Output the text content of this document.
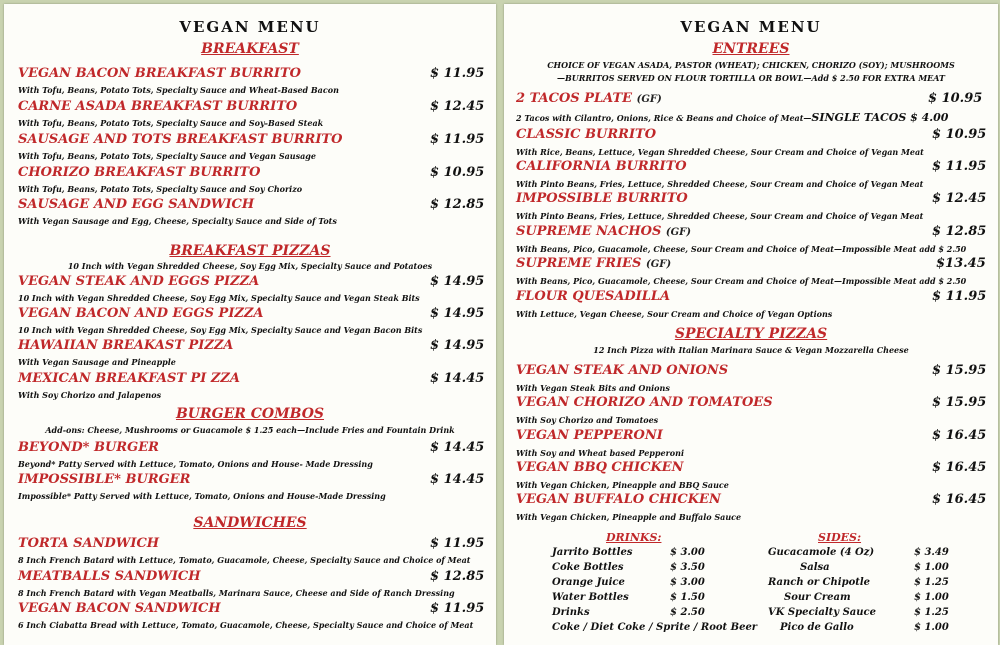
VEGAN MENU
BREAKFAST
VEGAN BACON BREAKFAST BURRITO	$ 11.95
With Tofu, Beans, Potato Tots, Specialty Sauce and Wheat-Based Bacon
CARNE ASADA BREAKFAST BURRITO	$ 12.45
With Tofu, Beans, Potato Tots, Specialty Sauce and Soy-Based Steak
SAUSAGE AND TOTS BREAKFAST BURRITO	$ 11.95
With Tofu, Beans, Potato Tots, Specialty Sauce and Vegan Sausage
CHORIZO BREAKFAST BURRITO	$ 10.95
With Tofu, Beans, Potato Tots, Specialty Sauce and Soy Chorizo
SAUSAGE AND EGG SANDWICH	$ 12.85
With Vegan Sausage and Egg, Cheese, Specialty Sauce and Side of Tots
BREAKFAST PIZZAS
10 Inch with Vegan Shredded Cheese, Soy Egg Mix, Specialty Sauce and Potatoes
VEGAN STEAK AND EGGS PIZZA	$ 14.95
10 Inch with Vegan Shredded Cheese, Soy Egg Mix, Specialty Sauce and Vegan Steak Bits
VEGAN BACON AND EGGS PIZZA	$ 14.95
10 Inch with Vegan Shredded Cheese, Soy Egg Mix, Specialty Sauce and Vegan Bacon Bits
HAWAIIAN BREAKAST PIZZA	$ 14.95
With Vegan Sausage and Pineapple
MEXICAN BREAKFAST PI ZZA	$ 14.45
With Soy Chorizo and Jalapenos
BURGER COMBOS
Add-ons: Cheese, Mushrooms or Guacamole $ 1.25 each—Include Fries and Fountain Drink
BEYOND* BURGER	$ 14.45
Beyond* Patty Served with Lettuce, Tomato, Onions and House- Made Dressing
IMPOSSIBLE* BURGER	$ 14.45
Impossible* Patty Served with Lettuce, Tomato, Onions and House-Made Dressing
SANDWICHES
TORTA SANDWICH	$ 11.95
8 Inch French Batard with Lettuce, Tomato, Guacamole, Cheese, Specialty Sauce and Choice of Meat
MEATBALLS SANDWICH	$ 12.85
8 Inch French Batard with Vegan Meatballs, Marinara Sauce, Cheese and Side of Ranch Dressing
VEGAN BACON SANDWICH	$ 11.95
6 Inch Ciabatta Bread with Lettuce, Tomato, Guacamole, Cheese, Specialty Sauce and Choice of Meat
VEGAN MENU
ENTREES
CHOICE OF VEGAN ASADA, PASTOR (WHEAT); CHICKEN, CHORIZO (SOY); MUSHROOMS
—BURRITOS SERVED ON FLOUR TORTILLA OR BOWL—Add $ 2.50 FOR EXTRA MEAT
2 TACOS PLATE (GF)	$ 10.95
2 Tacos with Cilantro, Onions, Rice & Beans and Choice of Meat—SINGLE TACOS $ 4.00
CLASSIC BURRITO	$ 10.95
With Rice, Beans, Lettuce, Vegan Shredded Cheese, Sour Cream and Choice of Vegan Meat
CALIFORNIA BURRITO	$ 11.95
With Pinto Beans, Fries, Lettuce, Shredded Cheese, Sour Cream and Choice of Vegan Meat
IMPOSSIBLE BURRITO	$ 12.45
With Pinto Beans, Fries, Lettuce, Shredded Cheese, Sour Cream and Choice of Vegan Meat
SUPREME NACHOS (GF)	$ 12.85
With Beans, Pico, Guacamole, Cheese, Sour Cream and Choice of Meat—Impossible Meat add $ 2.50
SUPREME FRIES (GF)	$13.45
With Beans, Pico, Guacamole, Cheese, Sour Cream and Choice of Meat—Impossible Meat add $ 2.50
FLOUR QUESADILLA	$ 11.95
With Lettuce, Vegan Cheese, Sour Cream and Choice of Vegan Options
SPECIALTY PIZZAS
12 Inch Pizza with Italian Marinara Sauce & Vegan Mozzarella Cheese
VEGAN STEAK AND ONIONS	$ 15.95
With Vegan Steak Bits and Onions
VEGAN CHORIZO AND TOMATOES	$ 15.95
With Soy Chorizo and Tomatoes
VEGAN PEPPERONI	$ 16.45
With Soy and Wheat based Pepperoni
VEGAN BBQ CHICKEN	$ 16.45
With Vegan Chicken, Pineapple and BBQ Sauce
VEGAN BUFFALO CHICKEN	$ 16.45
With Vegan Chicken, Pineapple and Buffalo Sauce
DRINKS:
Jarrito Bottles	$ 3.00
Coke Bottles	$ 3.50
Orange Juice	$ 3.00
Water Bottles	$ 1.50
Drinks	$ 2.50
Coke / Diet Coke / Sprite / Root Beer
SIDES:
Gucacamole (4 Oz)	$ 3.49
Salsa	$ 1.00
Ranch or Chipotle	$ 1.25
Sour Cream	$ 1.00
VK Specialty Sauce	$ 1.25
Pico de Gallo	$ 1.00
